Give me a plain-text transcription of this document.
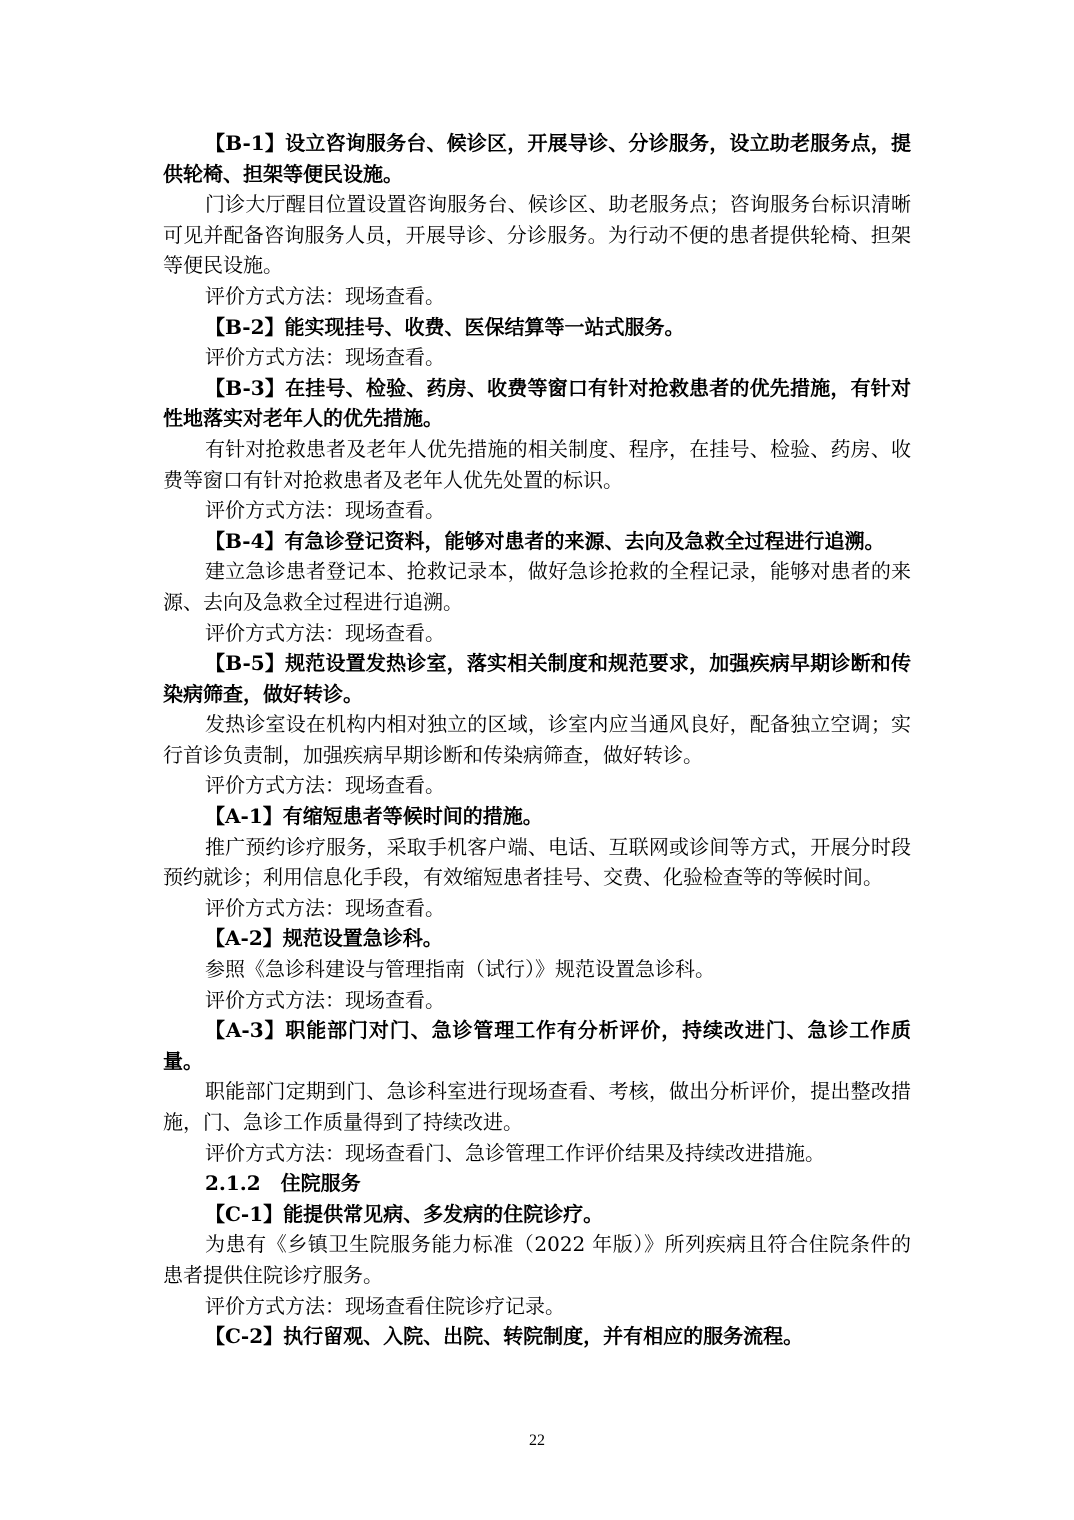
【B-1】设立咨询服务台、候诊区，开展导诊、分诊服务，设立助老服务点，提供轮椅、担架等便民设施。

门诊大厅醒目位置设置咨询服务台、候诊区、助老服务点；咨询服务台标识清晰可见并配备咨询服务人员，开展导诊、分诊服务。为行动不便的患者提供轮椅、担架等便民设施。

评价方式方法：现场查看。

【B-2】能实现挂号、收费、医保结算等一站式服务。

评价方式方法：现场查看。

【B-3】在挂号、检验、药房、收费等窗口有针对抢救患者的优先措施，有针对性地落实对老年人的优先措施。

有针对抢救患者及老年人优先措施的相关制度、程序，在挂号、检验、药房、收费等窗口有针对抢救患者及老年人优先处置的标识。

评价方式方法：现场查看。

【B-4】有急诊登记资料，能够对患者的来源、去向及急救全过程进行追溯。

建立急诊患者登记本、抢救记录本，做好急诊抢救的全程记录，能够对患者的来源、去向及急救全过程进行追溯。

评价方式方法：现场查看。

【B-5】规范设置发热诊室，落实相关制度和规范要求，加强疾病早期诊断和传染病筛查，做好转诊。

发热诊室设在机构内相对独立的区域，诊室内应当通风良好，配备独立空调；实行首诊负责制，加强疾病早期诊断和传染病筛查，做好转诊。

评价方式方法：现场查看。

【A-1】有缩短患者等候时间的措施。

推广预约诊疗服务，采取手机客户端、电话、互联网或诊间等方式，开展分时段预约就诊；利用信息化手段，有效缩短患者挂号、交费、化验检查等的等候时间。

评价方式方法：现场查看。

【A-2】规范设置急诊科。

参照《急诊科建设与管理指南（试行）》规范设置急诊科。

评价方式方法：现场查看。

【A-3】职能部门对门、急诊管理工作有分析评价，持续改进门、急诊工作质量。

职能部门定期到门、急诊科室进行现场查看、考核，做出分析评价，提出整改措施，门、急诊工作质量得到了持续改进。

评价方式方法：现场查看门、急诊管理工作评价结果及持续改进措施。

2.1.2　住院服务

【C-1】能提供常见病、多发病的住院诊疗。

为患有《乡镇卫生院服务能力标准（2022 年版）》所列疾病且符合住院条件的患者提供住院诊疗服务。

评价方式方法：现场查看住院诊疗记录。

【C-2】执行留观、入院、出院、转院制度，并有相应的服务流程。

22
